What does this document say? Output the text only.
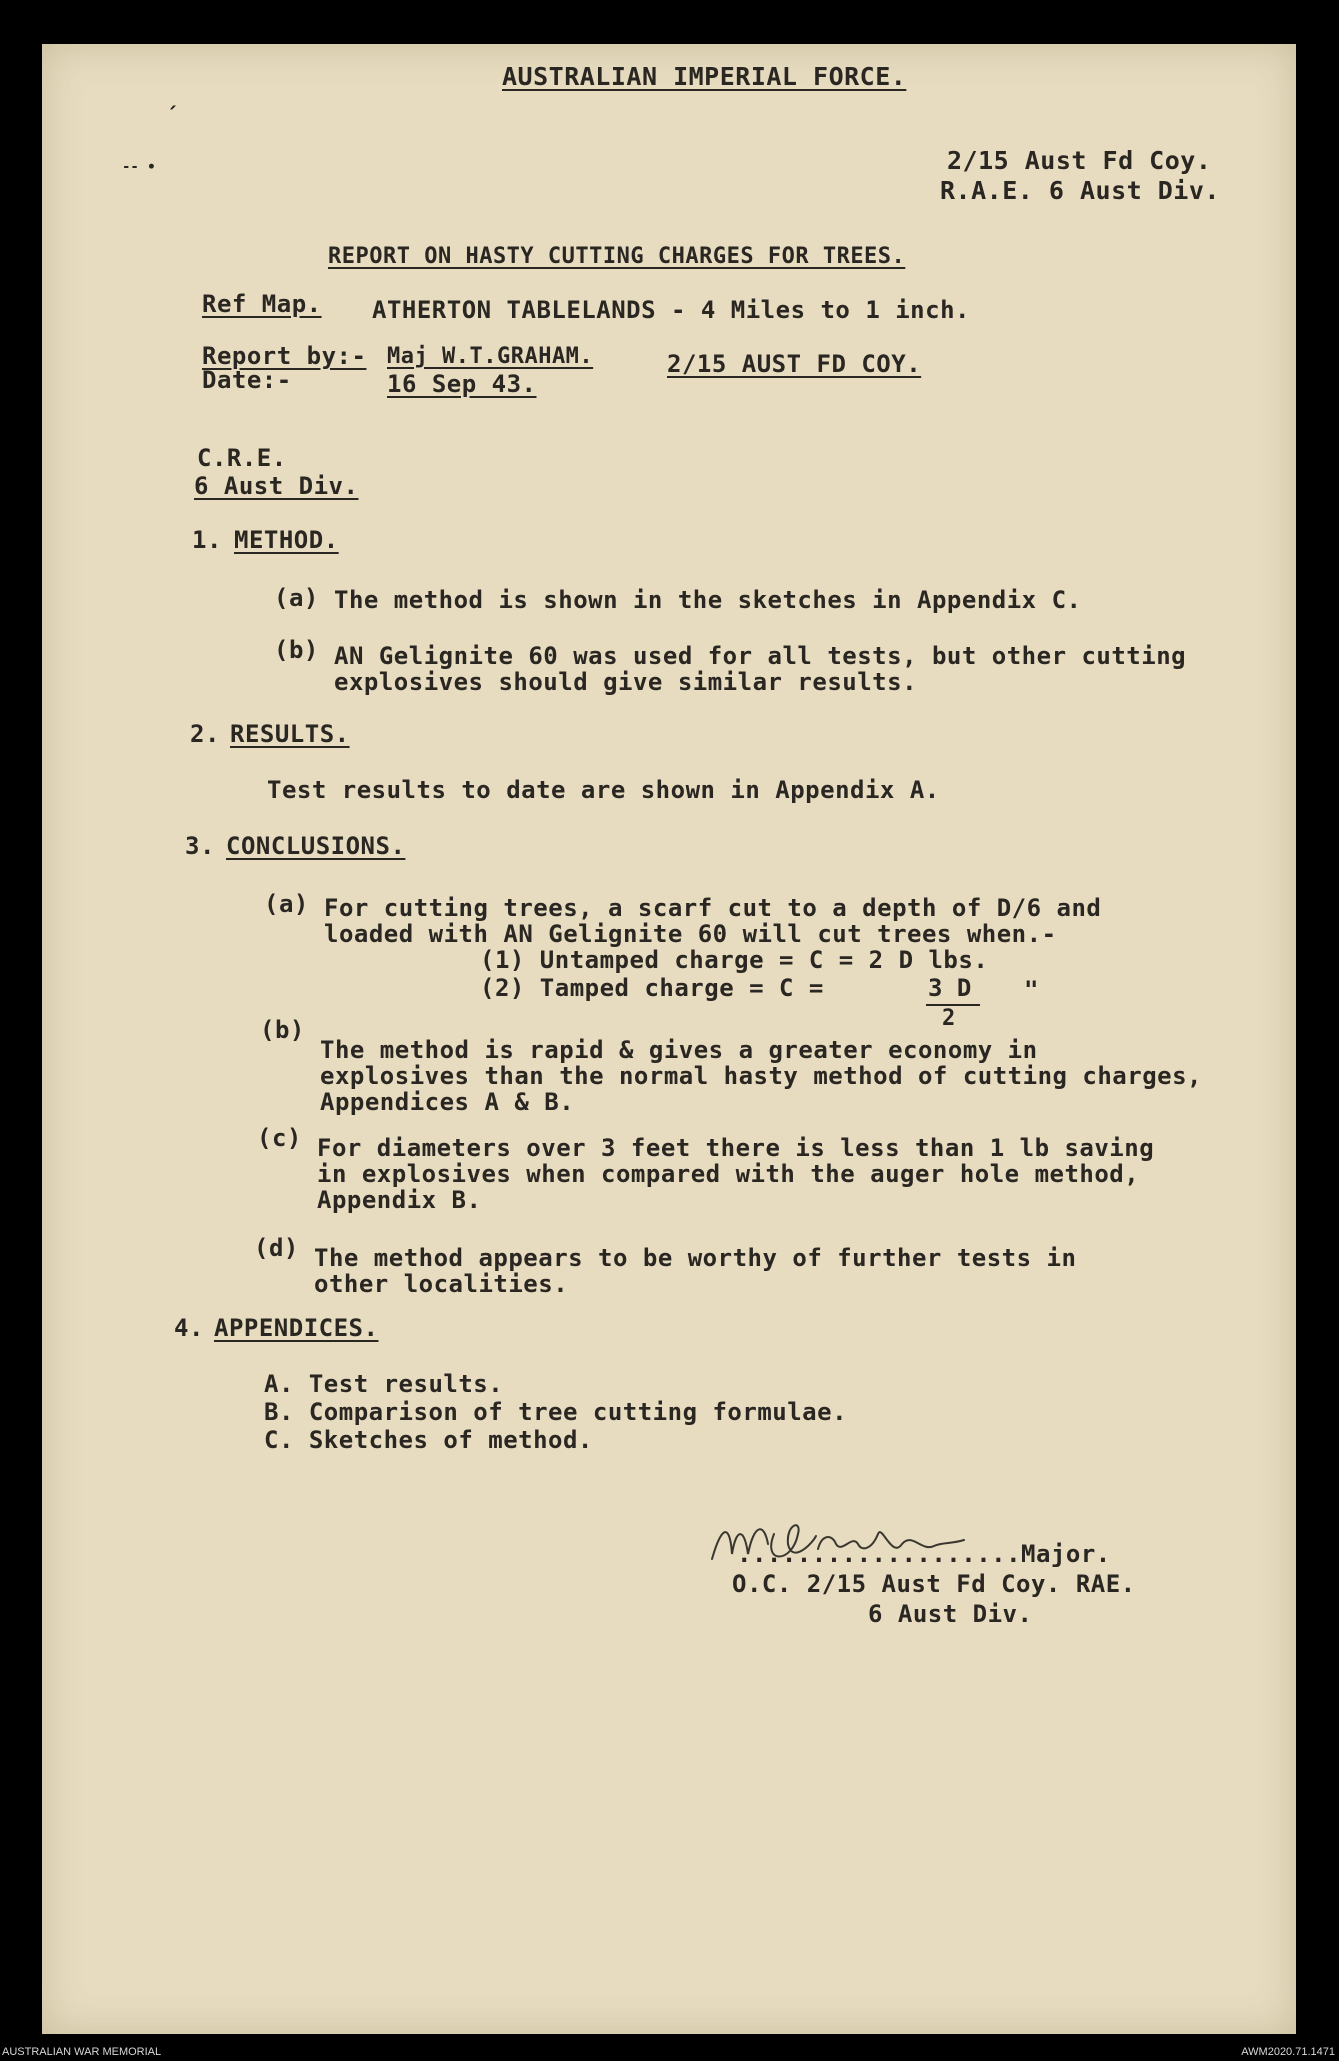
ˏ
-- ∙
AUSTRALIAN IMPERIAL FORCE.
2/15 Aust Fd Coy.
R.A.E. 6 Aust Div.
REPORT ON HASTY CUTTING CHARGES FOR TREES.
Ref Map. ATHERTON TABLELANDS - 4 Miles to 1 inch.
Report by:- Maj W.T.GRAHAM.	2/15 AUST FD COY.
Date:-	16 Sep 43.
C.R.E.
6 Aust Div.
1. METHOD.
(a) The method is shown in the sketches in Appendix C.
(b) AN Gelignite 60 was used for all tests, but other cutting
explosives should give similar results.
2. RESULTS.
Test results to date are shown in Appendix A.
3. CONCLUSIONS.
(a) For cutting trees, a scarf cut to a depth of D/6 and
loaded with AN Gelignite 60 will cut trees when.-
(1) Untamped charge = C = 2 D lbs.
(2) Tamped charge = C =	3 D
2
"
(b)
The method is rapid & gives a greater economy in
explosives than the normal hasty method of cutting charges,
Appendices A & B.
(c) For diameters over 3 feet there is less than 1 lb saving
in explosives when compared with the auger hole method,
Appendix B.
(d) The method appears to be worthy of further tests in
other localities.
4. APPENDICES.
A. Test results.
B. Comparison of tree cutting formulae.
C. Sketches of method.
...................Major.
O.C. 2/15 Aust Fd Coy. RAE.
6 Aust Div.
AUSTRALIAN WAR MEMORIAL	AWM2020.71.1471
